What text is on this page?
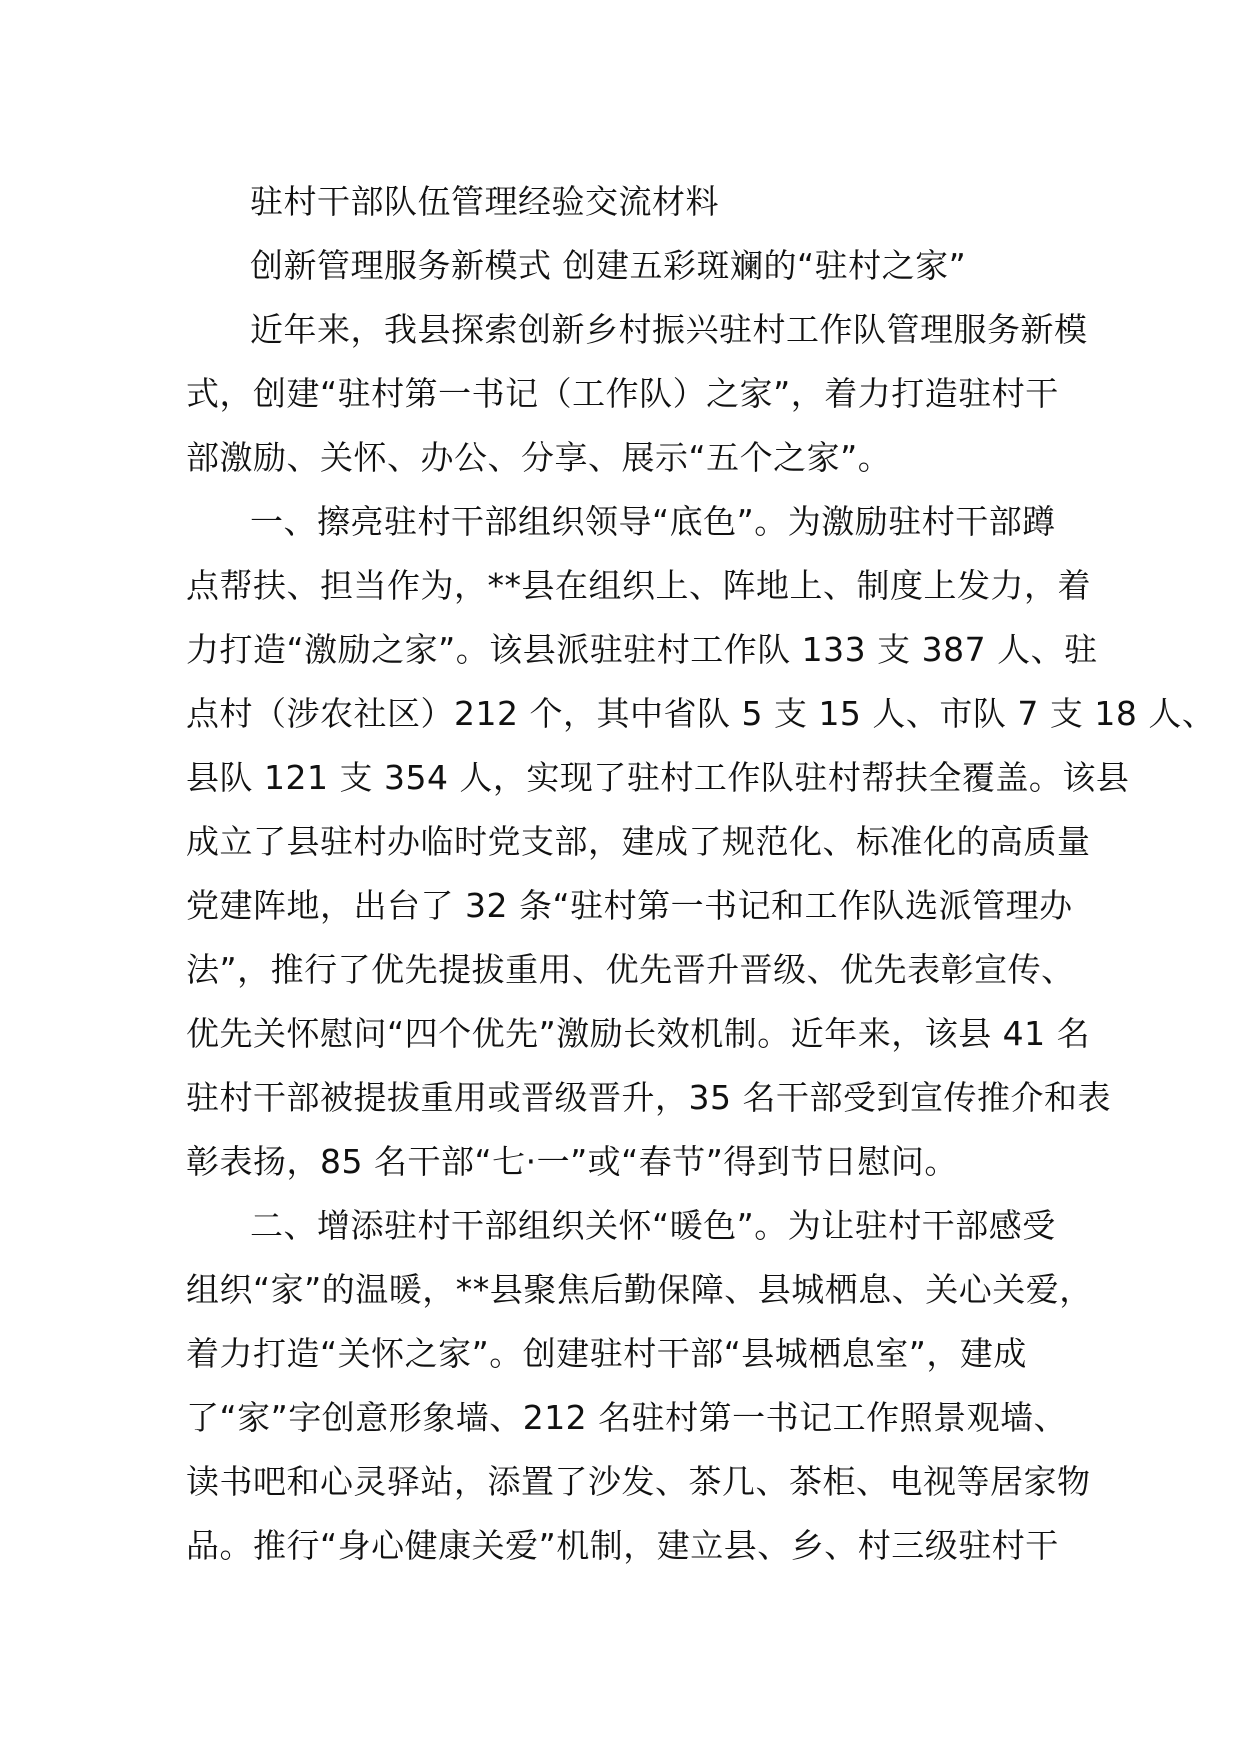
驻村干部队伍管理经验交流材料
创新管理服务新模式 创建五彩斑斓的“驻村之家”
近年来，我县探索创新乡村振兴驻村工作队管理服务新模
式，创建“驻村第一书记（工作队）之家”，着力打造驻村干
部激励、关怀、办公、分享、展示“五个之家”。
一、擦亮驻村干部组织领导“底色”。为激励驻村干部蹲
点帮扶、担当作为，**县在组织上、阵地上、制度上发力，着
力打造“激励之家”。该县派驻驻村工作队 133 支 387 人、驻
点村（涉农社区）212 个，其中省队 5 支 15 人、市队 7 支 18 人、
县队 121 支 354 人，实现了驻村工作队驻村帮扶全覆盖。该县
成立了县驻村办临时党支部，建成了规范化、标准化的高质量
党建阵地，出台了 32 条“驻村第一书记和工作队选派管理办
法”，推行了优先提拔重用、优先晋升晋级、优先表彰宣传、
优先关怀慰问“四个优先”激励长效机制。近年来，该县 41 名
驻村干部被提拔重用或晋级晋升，35 名干部受到宣传推介和表
彰表扬，85 名干部“七·一”或“春节”得到节日慰问。
二、增添驻村干部组织关怀“暖色”。为让驻村干部感受
组织“家”的温暖，**县聚焦后勤保障、县城栖息、关心关爱，
着力打造“关怀之家”。创建驻村干部“县城栖息室”，建成
了“家”字创意形象墙、212 名驻村第一书记工作照景观墙、
读书吧和心灵驿站，添置了沙发、茶几、茶柜、电视等居家物
品。推行“身心健康关爱”机制，建立县、乡、村三级驻村干
